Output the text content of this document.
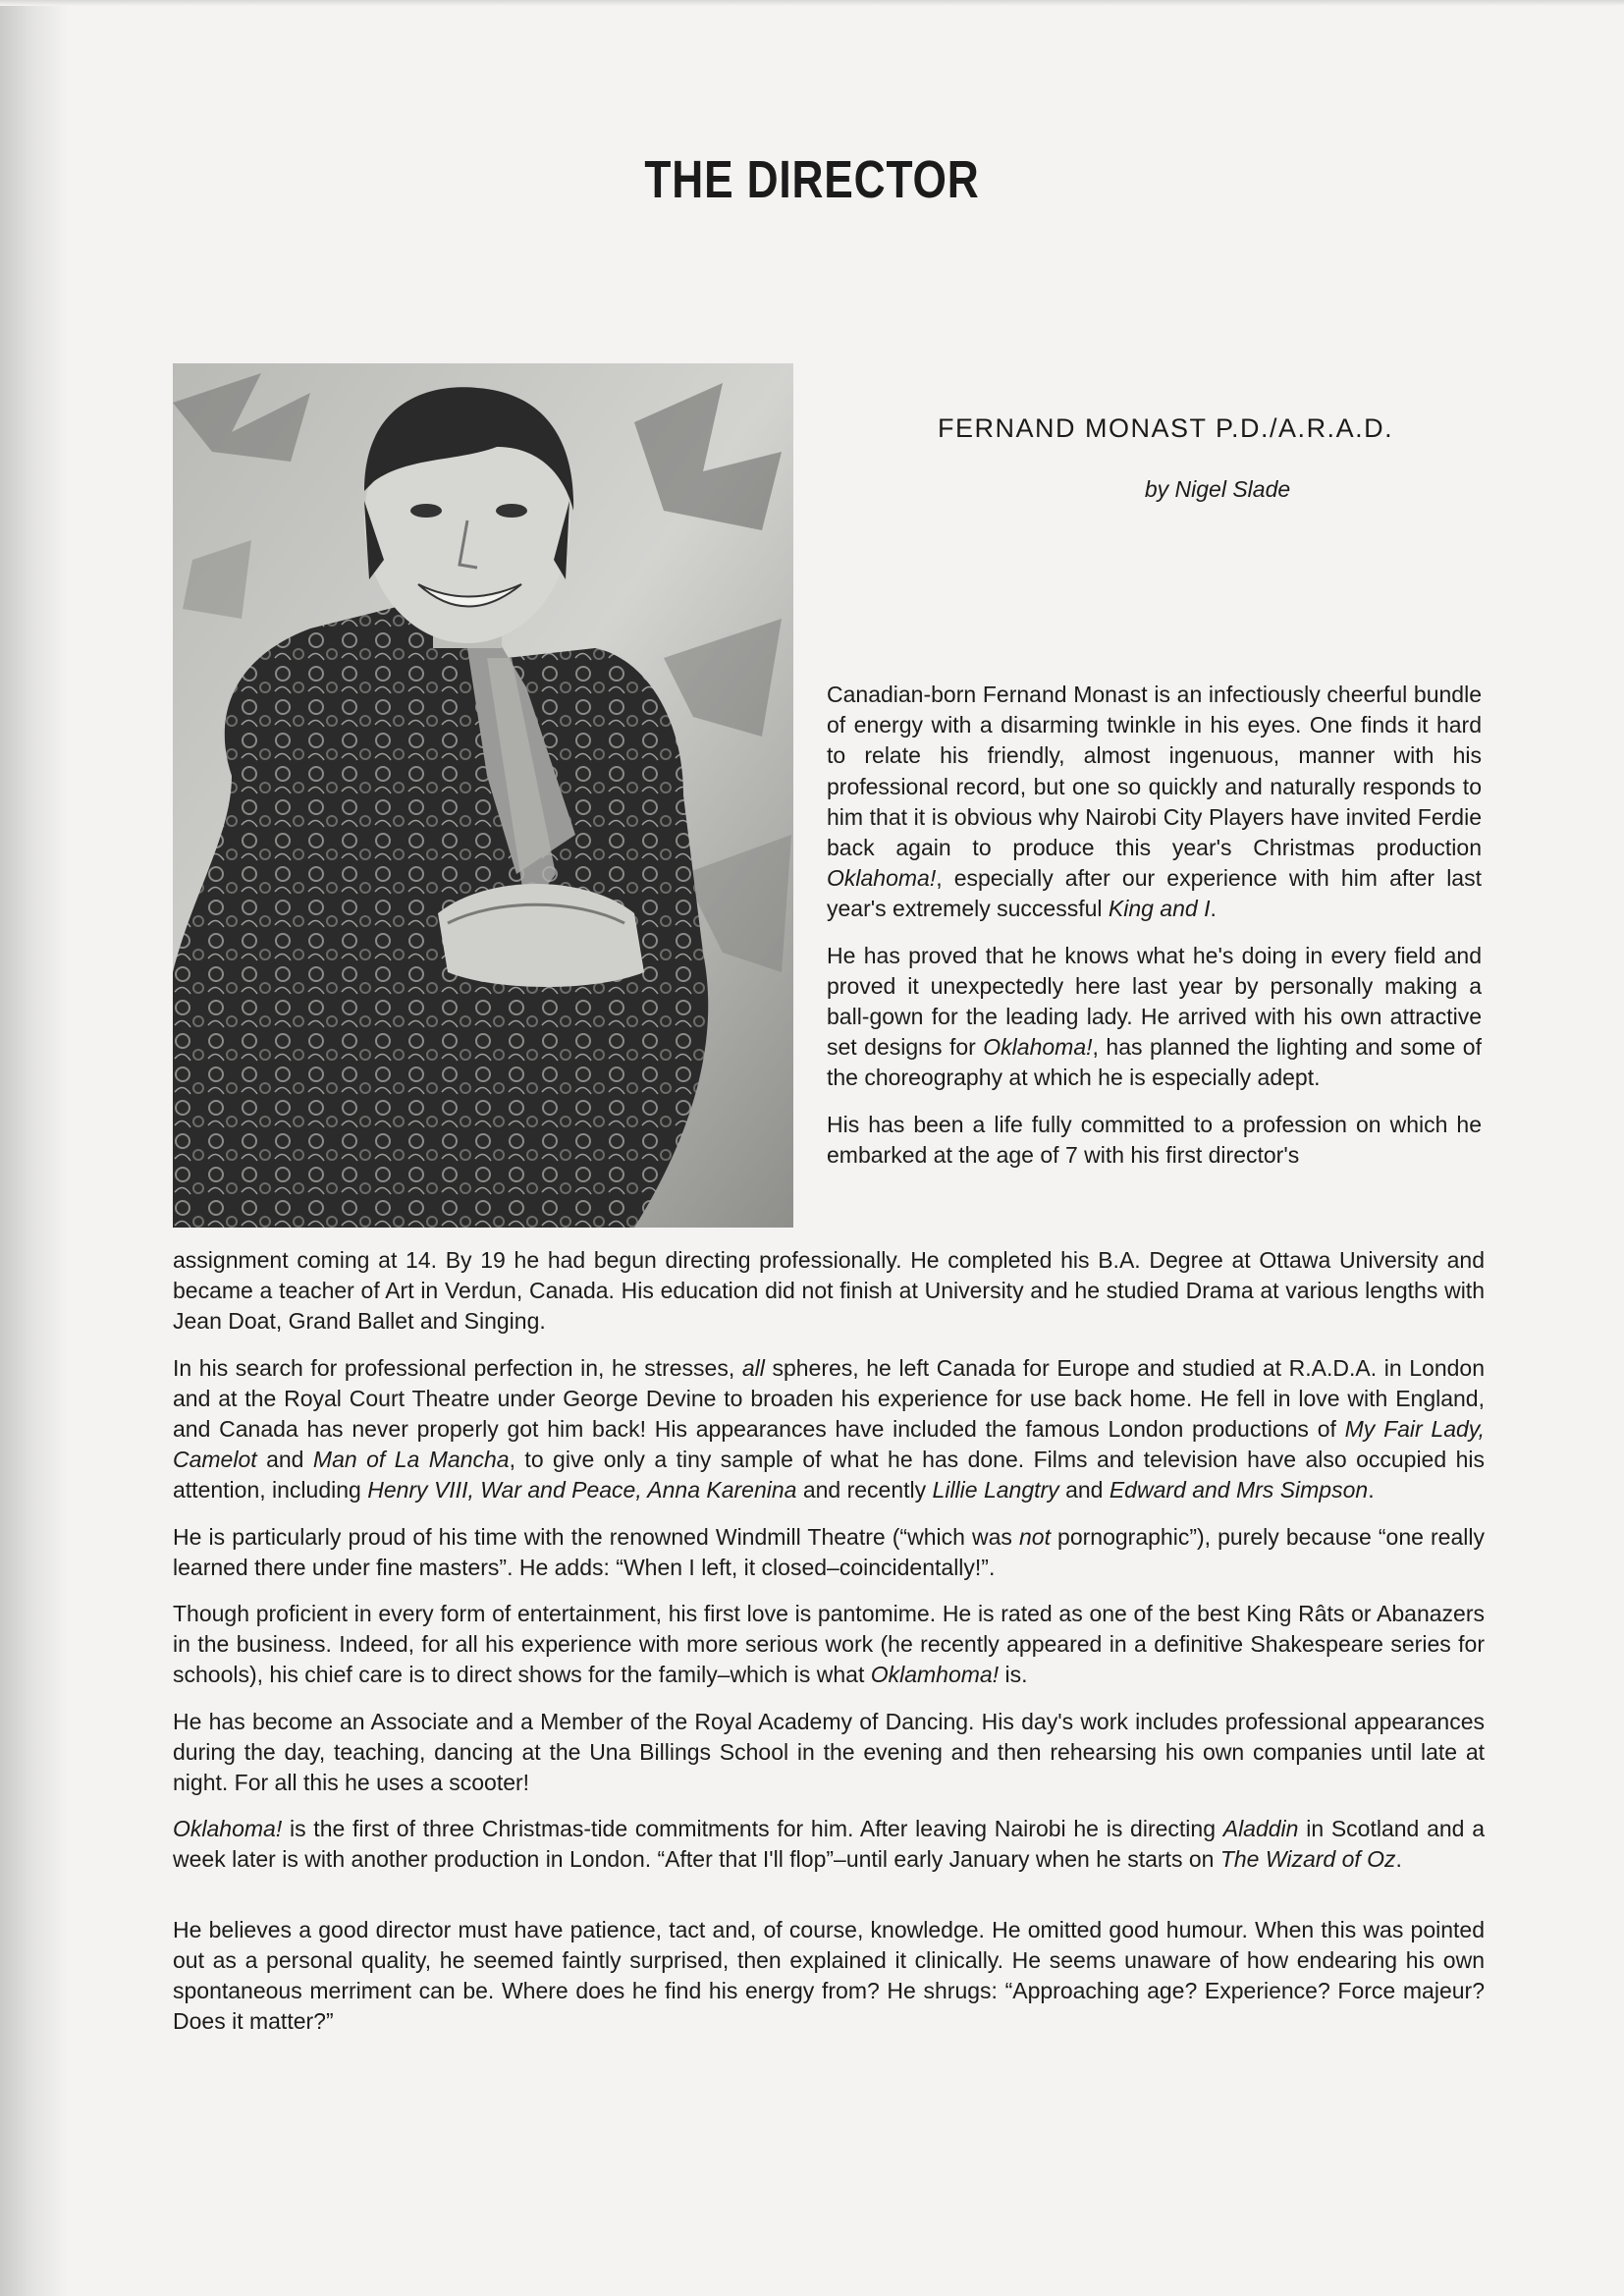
THE DIRECTOR
FERNAND MONAST P.D./A.R.A.D.
by Nigel Slade

Canadian-born Fernand Monast is an infectiously cheerful bundle of energy with a disarming twinkle in his eyes. One finds it hard to relate his friendly, almost ingenuous, manner with his professional record, but one so quickly and naturally responds to him that it is obvious why Nairobi City Players have invited Ferdie back again to produce this year's Christmas production Oklahoma!, especially after our experience with him after last year's extremely successful King and I.

He has proved that he knows what he's doing in every field and proved it unexpectedly here last year by personally making a ball-gown for the leading lady. He arrived with his own attractive set designs for Oklahoma!, has planned the lighting and some of the choreography at which he is especially adept.

His has been a life fully committed to a profession on which he embarked at the age of 7 with his first director's

assignment coming at 14. By 19 he had begun directing professionally. He completed his B.A. Degree at Ottawa University and became a teacher of Art in Verdun, Canada. His education did not finish at University and he studied Drama at various lengths with Jean Doat, Grand Ballet and Singing.

In his search for professional perfection in, he stresses, all spheres, he left Canada for Europe and studied at R.A.D.A. in London and at the Royal Court Theatre under George Devine to broaden his experience for use back home. He fell in love with England, and Canada has never properly got him back! His appearances have included the famous London productions of My Fair Lady, Camelot and Man of La Mancha, to give only a tiny sample of what he has done. Films and television have also occupied his attention, including Henry VIII, War and Peace, Anna Karenina and recently Lillie Langtry and Edward and Mrs Simpson.

He is particularly proud of his time with the renowned Windmill Theatre (“which was not pornographic”), purely because “one really learned there under fine masters”. He adds: “When I left, it closed–coincidentally!”.

Though proficient in every form of entertainment, his first love is pantomime. He is rated as one of the best King Râts or Abanazers in the business. Indeed, for all his experience with more serious work (he recently appeared in a definitive Shakespeare series for schools), his chief care is to direct shows for the family–which is what Oklamhoma! is.

He has become an Associate and a Member of the Royal Academy of Dancing. His day's work includes professional appearances during the day, teaching, dancing at the Una Billings School in the evening and then rehearsing his own companies until late at night. For all this he uses a scooter!

Oklahoma! is the first of three Christmas-tide commitments for him. After leaving Nairobi he is directing Aladdin in Scotland and a week later is with another production in London. “After that I'll flop”–until early January when he starts on The Wizard of Oz.

He believes a good director must have patience, tact and, of course, knowledge. He omitted good humour. When this was pointed out as a personal quality, he seemed faintly surprised, then explained it clinically. He seems unaware of how endearing his own spontaneous merriment can be. Where does he find his energy from? He shrugs: “Approaching age? Experience? Force majeur? Does it matter?”
